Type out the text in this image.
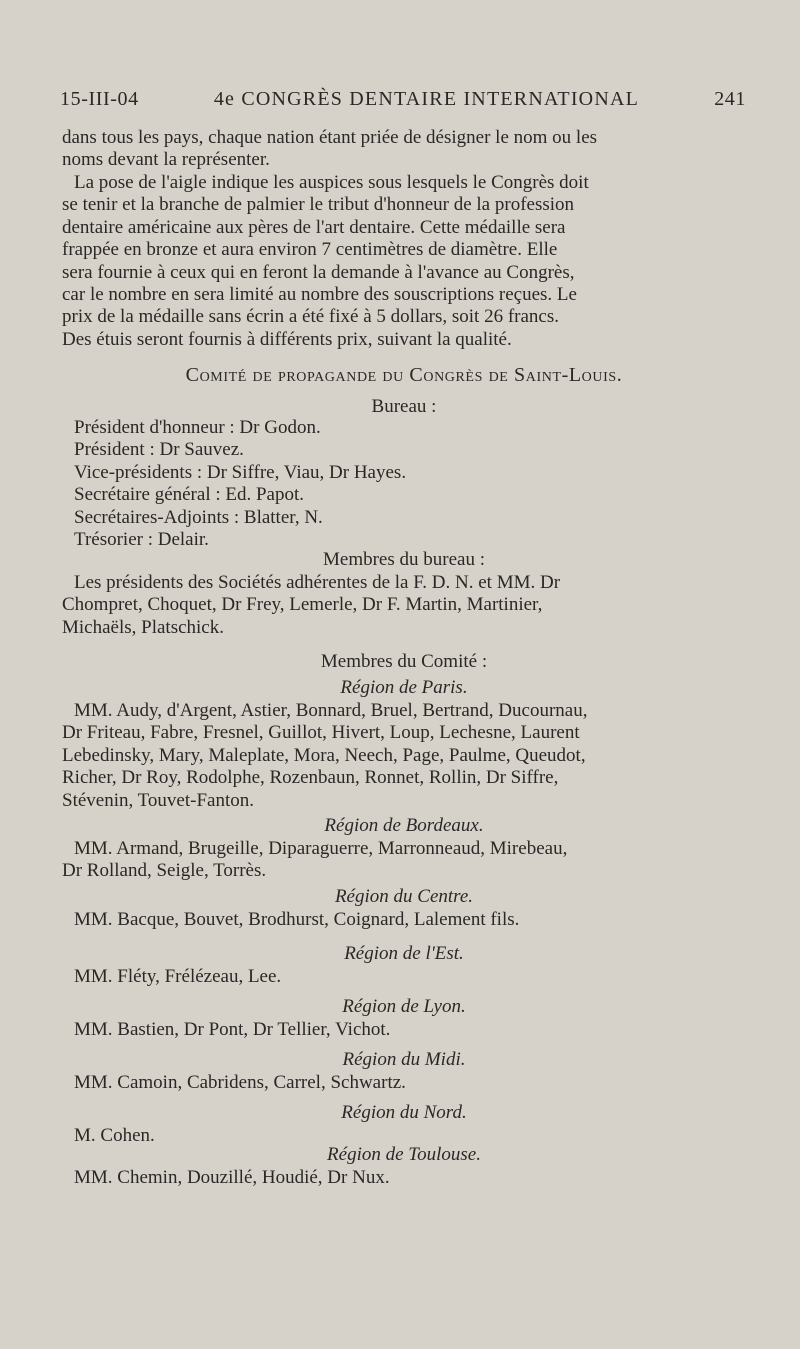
15-III-04	4e CONGRÈS DENTAIRE INTERNATIONAL	241
dans tous les pays, chaque nation étant priée de désigner le nom ou les
noms devant la représenter.
La pose de l'aigle indique les auspices sous lesquels le Congrès doit
se tenir et la branche de palmier le tribut d'honneur de la profession
dentaire américaine aux pères de l'art dentaire. Cette médaille sera
frappée en bronze et aura environ 7 centimètres de diamètre. Elle
sera fournie à ceux qui en feront la demande à l'avance au Congrès,
car le nombre en sera limité au nombre des souscriptions reçues. Le
prix de la médaille sans écrin a été fixé à 5 dollars, soit 26 francs.
Des étuis seront fournis à différents prix, suivant la qualité.
Comité de propagande du Congrès de Saint-Louis.
Bureau :
Président d'honneur : Dr Godon.
Président : Dr Sauvez.
Vice-présidents : Dr Siffre, Viau, Dr Hayes.
Secrétaire général : Ed. Papot.
Secrétaires-Adjoints : Blatter, N.
Trésorier : Delair.
Membres du bureau :
Les présidents des Sociétés adhérentes de la F. D. N. et MM. Dr
Chompret, Choquet, Dr Frey, Lemerle, Dr F. Martin, Martinier,
Michaëls, Platschick.
Membres du Comité :
Région de Paris.
MM. Audy, d'Argent, Astier, Bonnard, Bruel, Bertrand, Ducournau,
Dr Friteau, Fabre, Fresnel, Guillot, Hivert, Loup, Lechesne, Laurent
Lebedinsky, Mary, Maleplate, Mora, Neech, Page, Paulme, Queudot,
Richer, Dr Roy, Rodolphe, Rozenbaun, Ronnet, Rollin, Dr Siffre,
Stévenin, Touvet-Fanton.
Région de Bordeaux.
MM. Armand, Brugeille, Diparaguerre, Marronneaud, Mirebeau,
Dr Rolland, Seigle, Torrès.
Région du Centre.
MM. Bacque, Bouvet, Brodhurst, Coignard, Lalement fils.
Région de l'Est.
MM. Fléty, Frélézeau, Lee.
Région de Lyon.
MM. Bastien, Dr Pont, Dr Tellier, Vichot.
Région du Midi.
MM. Camoin, Cabridens, Carrel, Schwartz.
Région du Nord.
M. Cohen.
Région de Toulouse.
MM. Chemin, Douzillé, Houdié, Dr Nux.
